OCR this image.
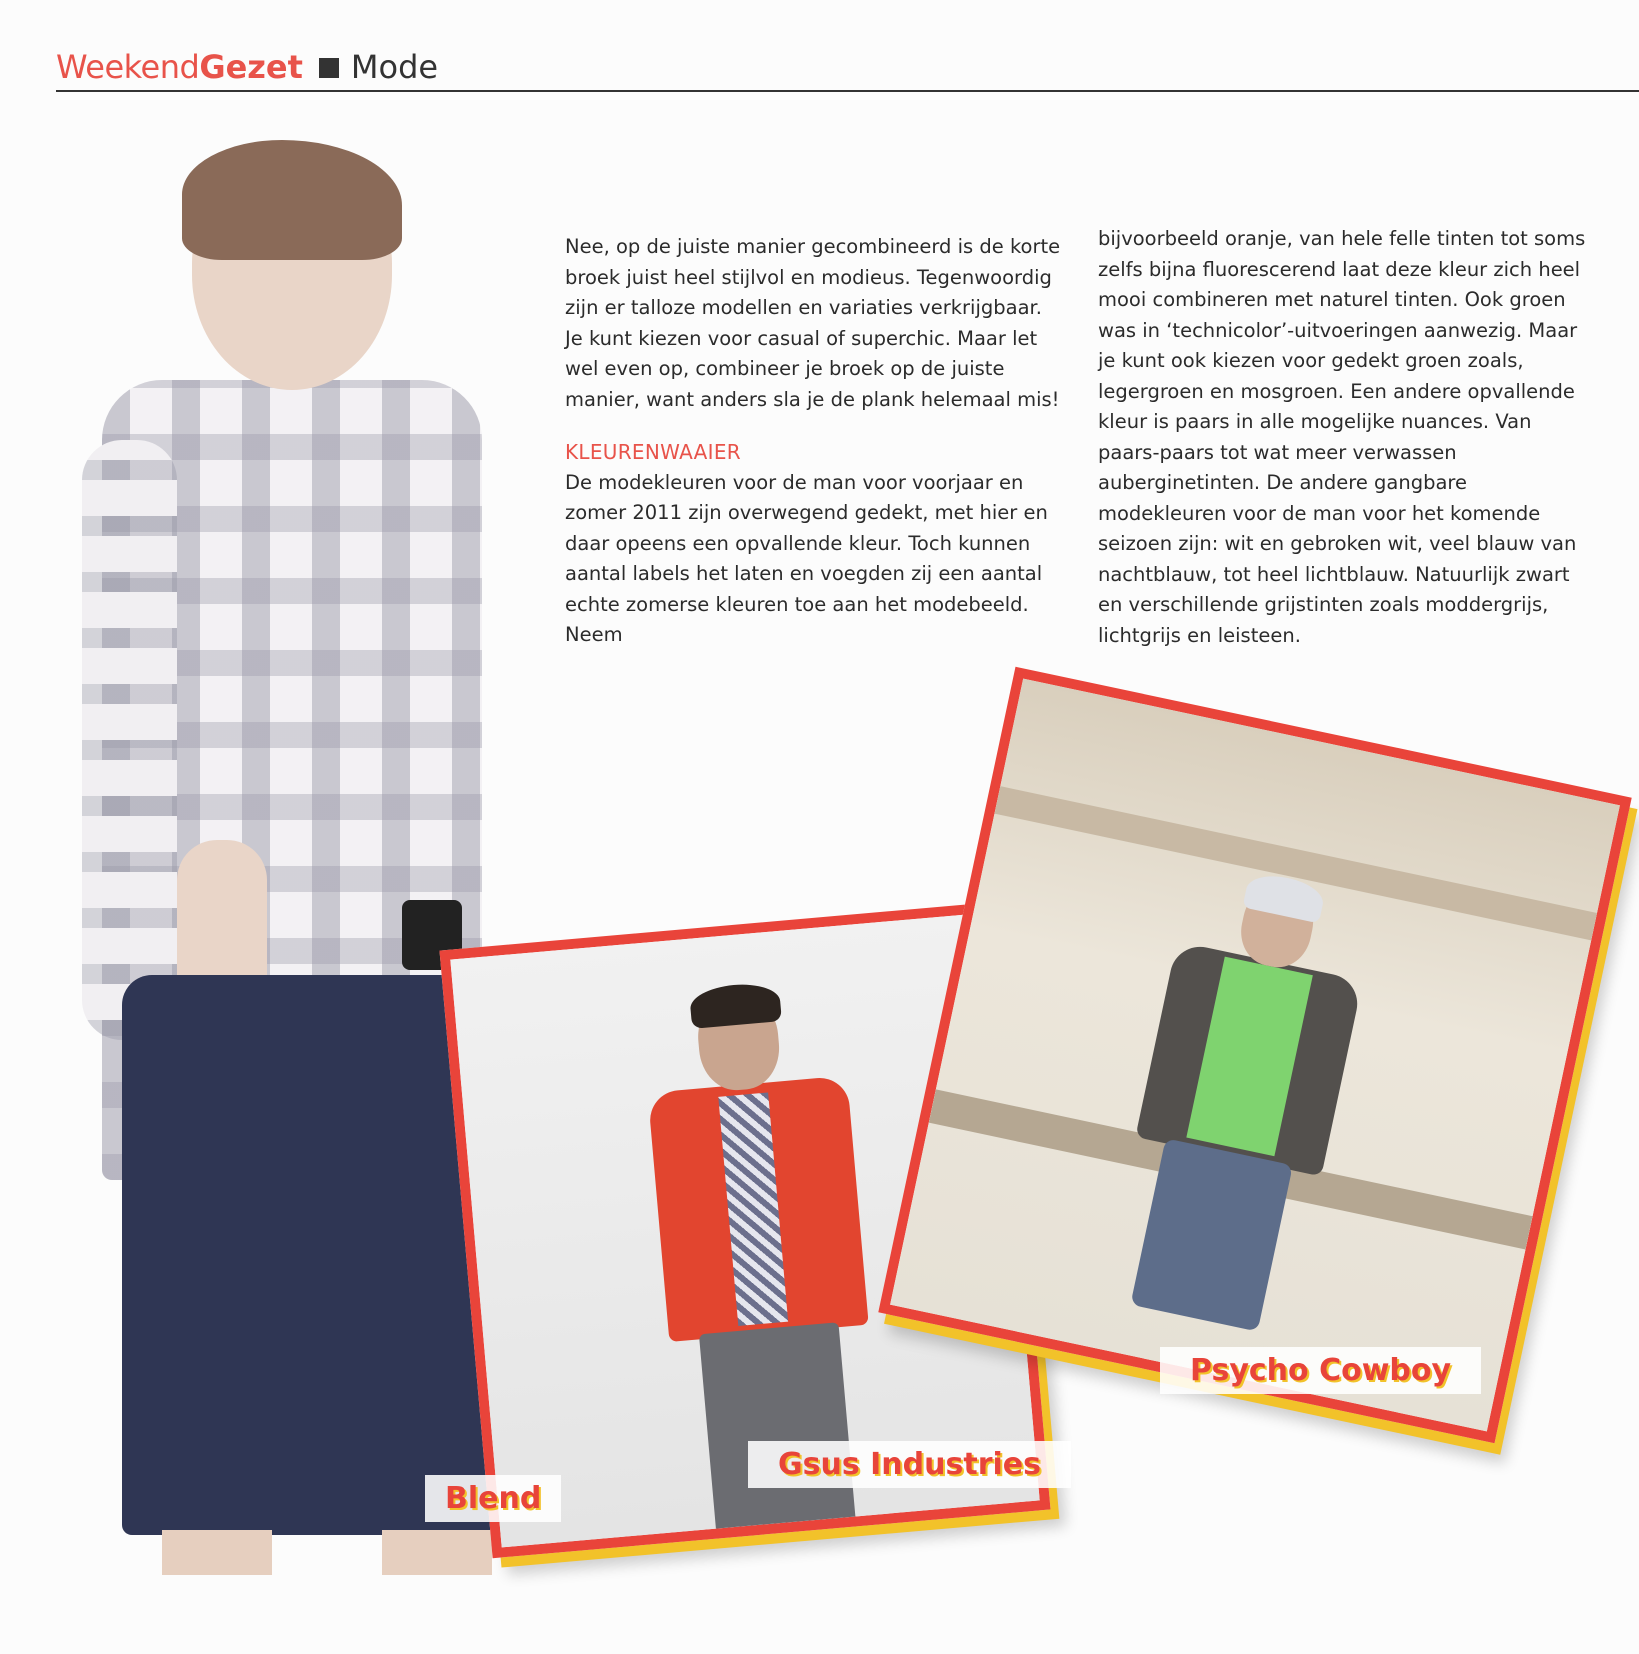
Weekend Gezet Mode

Nee, op de juiste manier gecombineerd is de korte broek juist heel stijlvol en modieus. Tegenwoordig zijn er talloze modellen en variaties verkrijgbaar. Je kunt kiezen voor casual of superchic. Maar let wel even op, combineer je broek op de juiste manier, want anders sla je de plank helemaal mis!

KLEURENWAAIER

De modekleuren voor de man voor voorjaar en zomer 2011 zijn overwegend gedekt, met hier en daar opeens een opvallende kleur. Toch kunnen aantal labels het laten en voegden zij een aantal echte zomerse kleuren toe aan het modebeeld. Neem

bijvoorbeeld oranje, van hele felle tinten tot soms zelfs bijna fluorescerend laat deze kleur zich heel mooi combineren met naturel tinten. Ook groen was in ‘technicolor’-uitvoeringen aanwezig. Maar je kunt ook kiezen voor gedekt groen zoals, legergroen en mosgroen. Een andere opvallende kleur is paars in alle mogelijke nuances. Van paars-paars tot wat meer verwassen auberginetinten. De andere gangbare modekleuren voor de man voor het komende seizoen zijn: wit en gebroken wit, veel blauw van nachtblauw, tot heel lichtblauw. Natuurlijk zwart en verschillende grijstinten zoals moddergrijs, lichtgrijs en leisteen.

Blend
Gsus Industries
Psycho Cowboy
